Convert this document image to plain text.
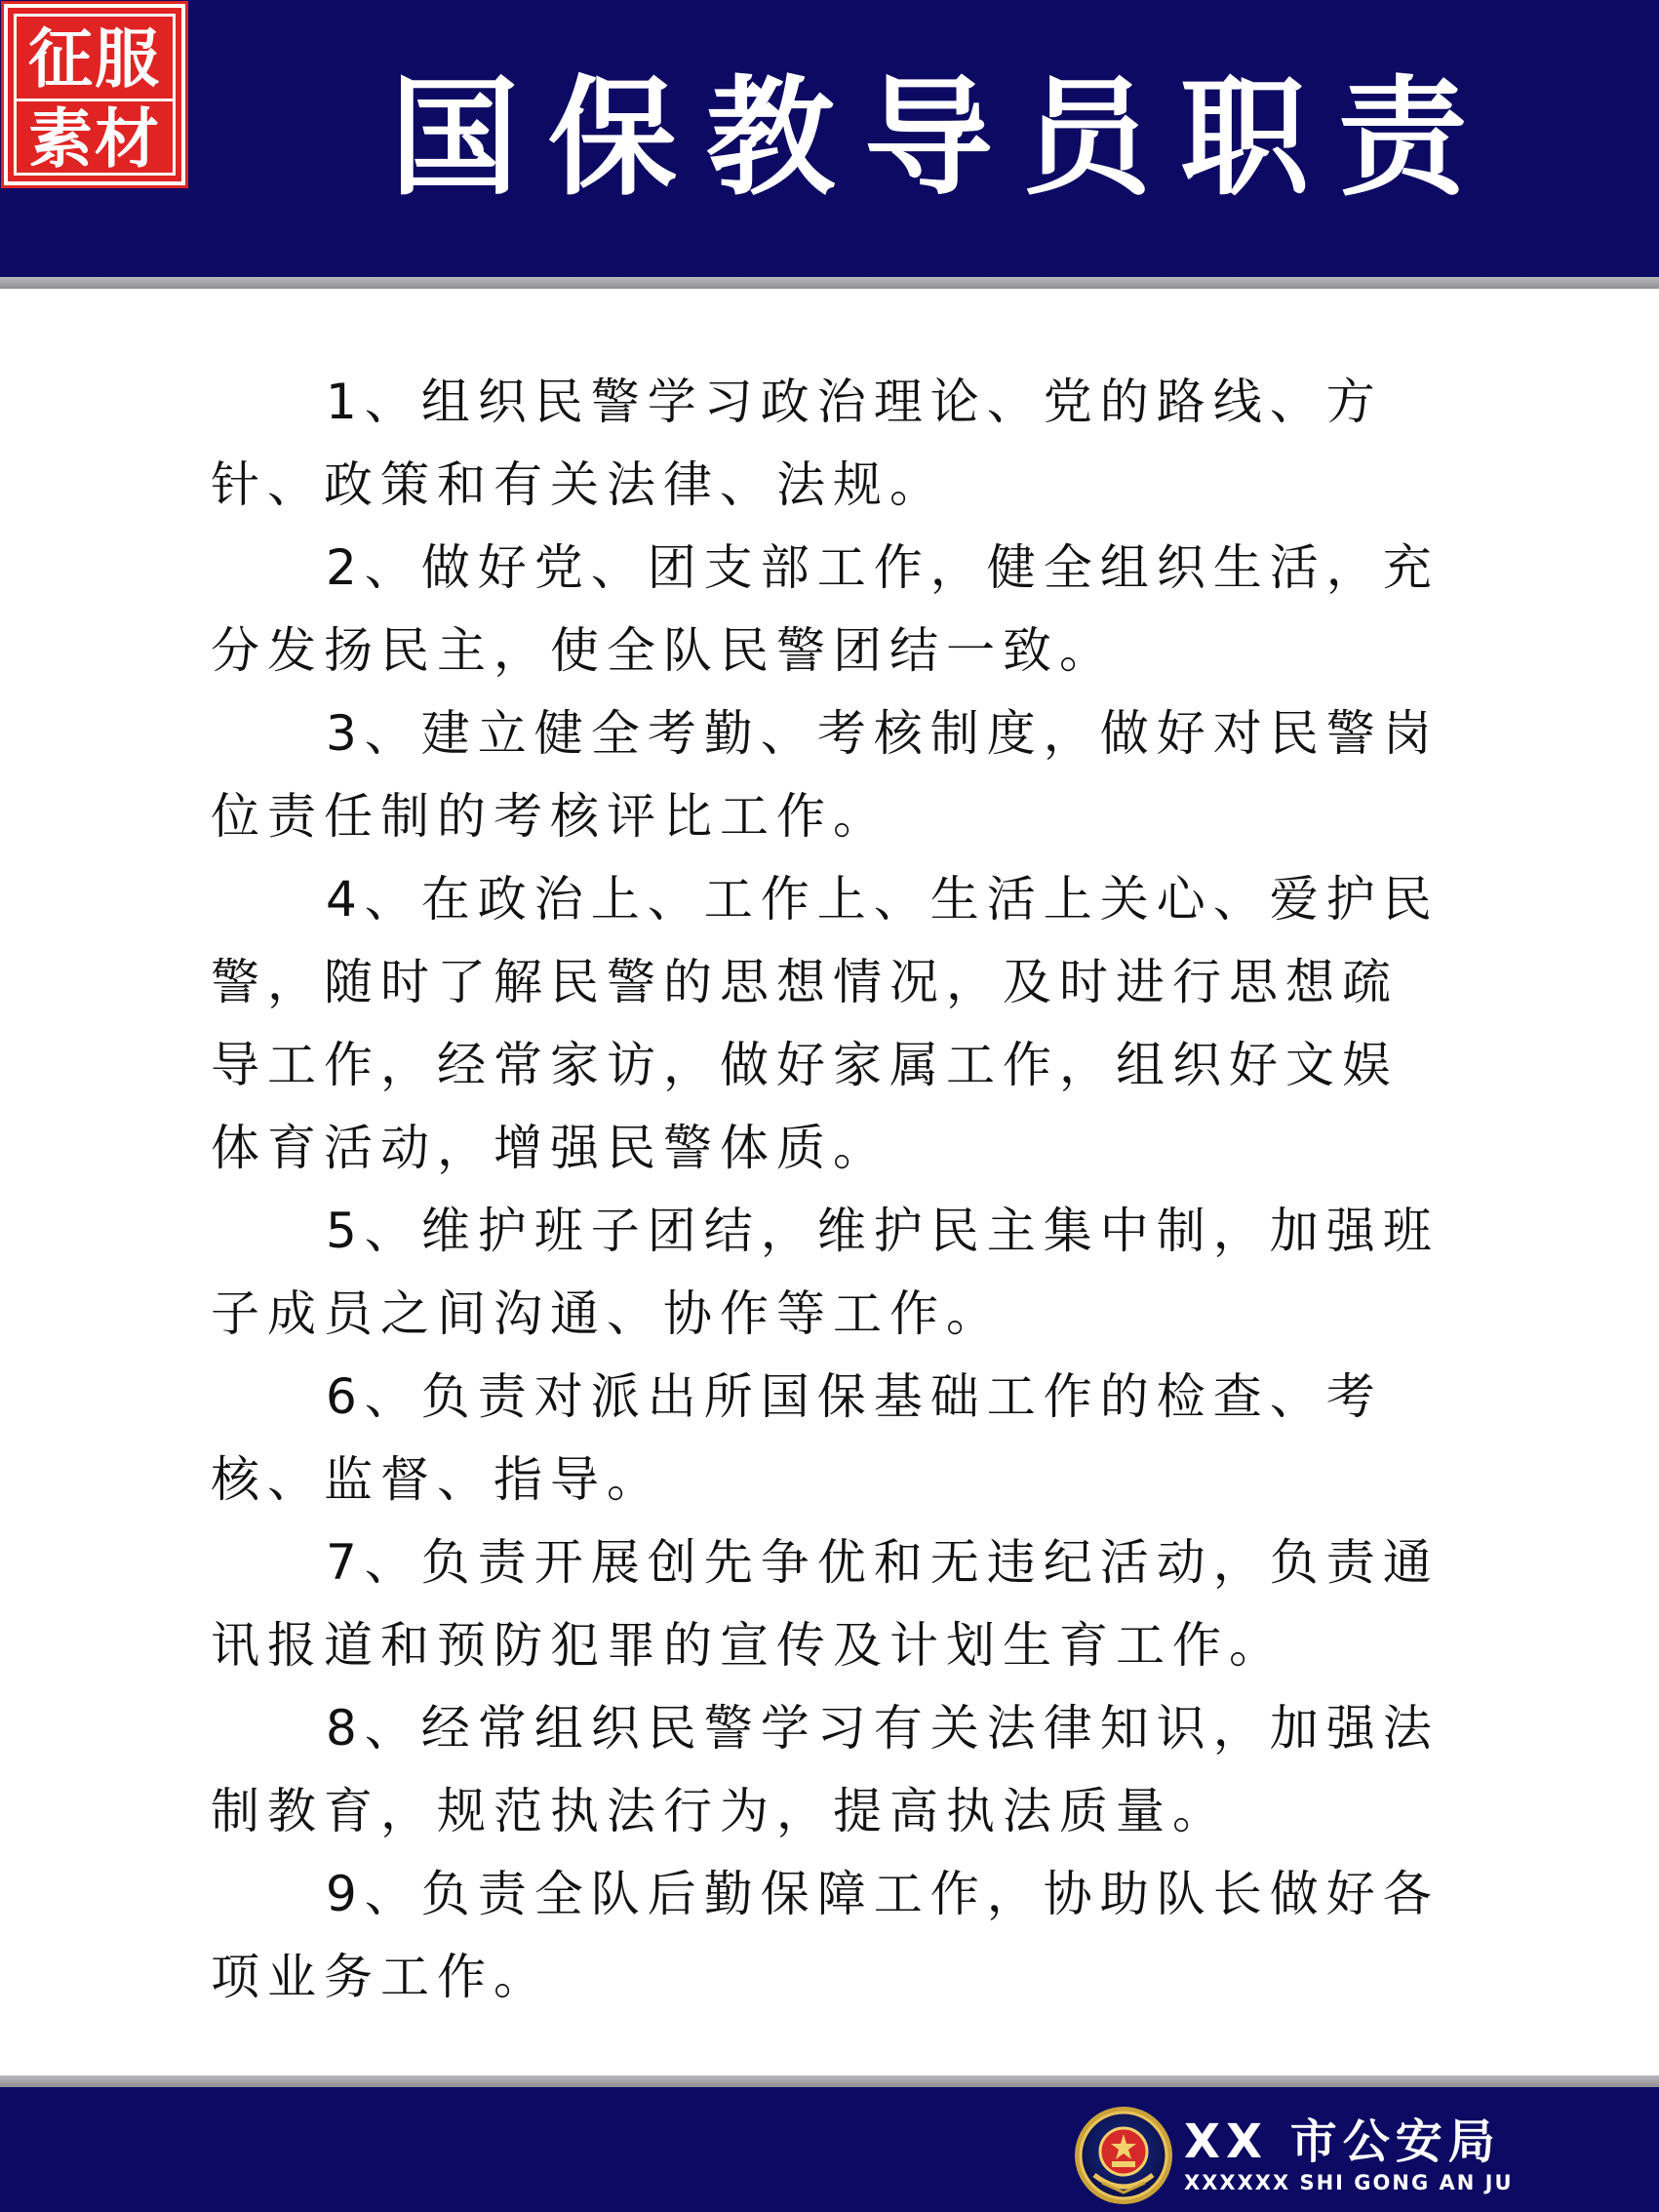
征服
素材 国保教导员职责

1、组织民警学习政治理论、党的路线、方针、政策和有关法律、法规。

2、做好党、团支部工作，健全组织生活，充分发扬民主，使全队民警团结一致。

3、建立健全考勤、考核制度，做好对民警岗位责任制的考核评比工作。

4、在政治上、工作上、生活上关心、爱护民警，随时了解民警的思想情况，及时进行思想疏导工作，经常家访，做好家属工作，组织好文娱体育活动，增强民警体质。

5、维护班子团结，维护民主集中制，加强班子成员之间沟通、协作等工作。

6、负责对派出所国保基础工作的检查、考核、监督、指导。

7、负责开展创先争优和无违纪活动，负责通讯报道和预防犯罪的宣传及计划生育工作。

8、经常组织民警学习有关法律知识，加强法制教育，规范执法行为，提高执法质量。

9、负责全队后勤保障工作，协助队长做好各项业务工作。

XX 市公安局
XXXXXX SHI GONG AN JU
